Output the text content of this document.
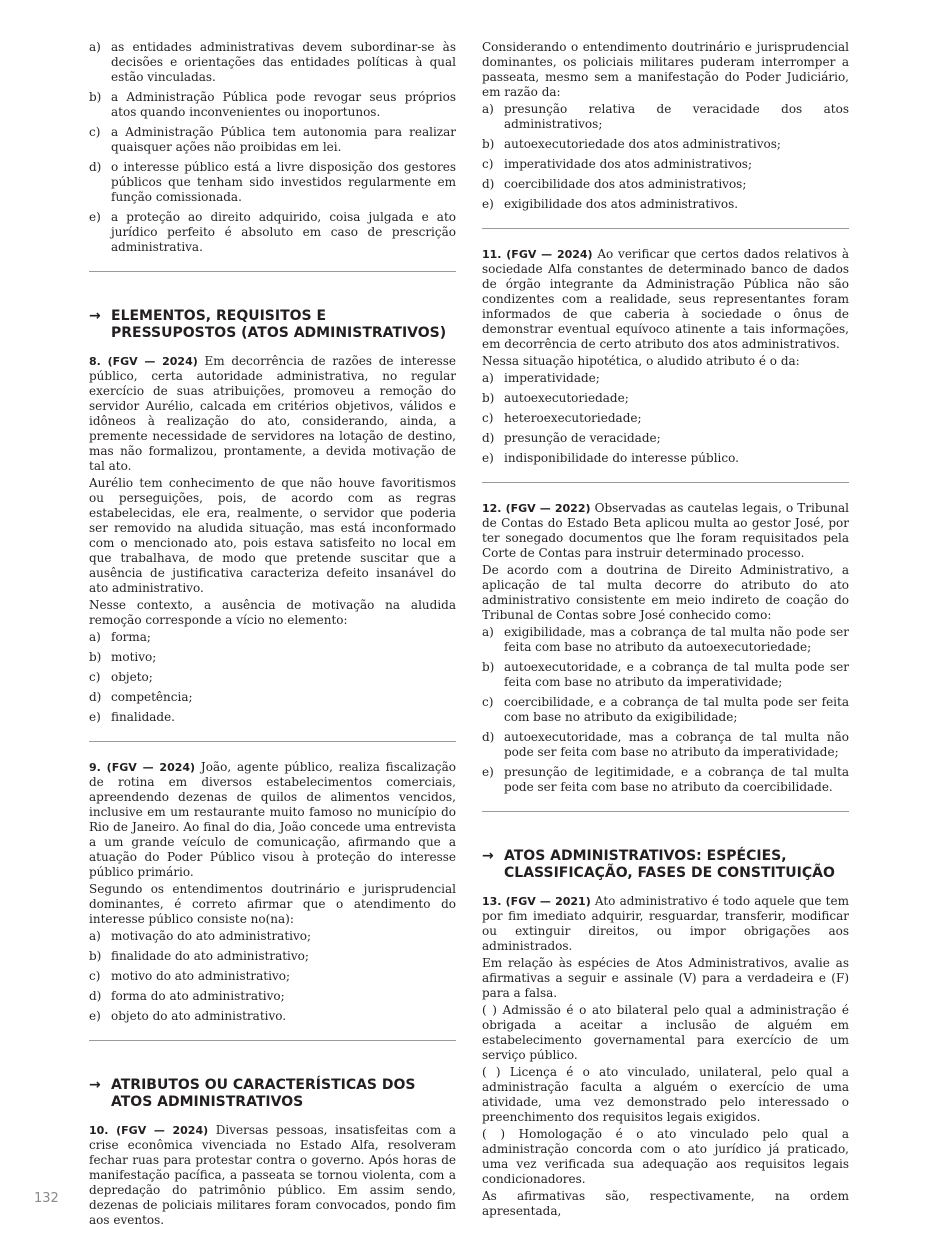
a) as entidades administrativas devem subordinar-se às decisões e orientações das entidades políticas à qual estão vinculadas.
b) a Administração Pública pode revogar seus próprios atos quando inconvenientes ou inoportunos.
c) a Administração Pública tem autonomia para realizar quaisquer ações não proibidas em lei.
d) o interesse público está a livre disposição dos gestores públicos que tenham sido investidos regularmente em função comissionada.
e) a proteção ao direito adquirido, coisa julgada e ato jurídico perfeito é absoluto em caso de prescrição administrativa.
→ ELEMENTOS, REQUISITOS E PRESSUPOSTOS (ATOS ADMINISTRATIVOS)

8. (FGV — 2024) Em decorrência de razões de interesse público, certa autoridade administrativa, no regular exercício de suas atribuições, promoveu a remoção do servidor Aurélio, calcada em critérios objetivos, válidos e idôneos à realização do ato, considerando, ainda, a premente necessidade de servidores na lotação de destino, mas não formalizou, prontamente, a devida motivação de tal ato.

Aurélio tem conhecimento de que não houve favoritismos ou perseguições, pois, de acordo com as regras estabelecidas, ele era, realmente, o servidor que poderia ser removido na aludida situação, mas está inconformado com o mencionado ato, pois estava satisfeito no local em que trabalhava, de modo que pretende suscitar que a ausência de justificativa caracteriza defeito insanável do ato administrativo.

Nesse contexto, a ausência de motivação na aludida remoção corresponde a vício no elemento:

a) forma;
b) motivo;
c) objeto;
d) competência;
e) finalidade.

9. (FGV — 2024) João, agente público, realiza fiscalização de rotina em diversos estabelecimentos comerciais, apreendendo dezenas de quilos de alimentos vencidos, inclusive em um restaurante muito famoso no município do Rio de Janeiro. Ao final do dia, João concede uma entrevista a um grande veículo de comunicação, afirmando que a atuação do Poder Público visou à proteção do interesse público primário.

Segundo os entendimentos doutrinário e jurisprudencial dominantes, é correto afirmar que o atendimento do interesse público consiste no(na):

a) motivação do ato administrativo;
b) finalidade do ato administrativo;
c) motivo do ato administrativo;
d) forma do ato administrativo;
e) objeto do ato administrativo.
→ ATRIBUTOS OU CARACTERÍSTICAS DOS ATOS ADMINISTRATIVOS

10. (FGV — 2024) Diversas pessoas, insatisfeitas com a crise econômica vivenciada no Estado Alfa, resolveram fechar ruas para protestar contra o governo. Após horas de manifestação pacífica, a passeata se tornou violenta, com a depredação do patrimônio público. Em assim sendo, dezenas de policiais militares foram convocados, pondo fim aos eventos.

Considerando o entendimento doutrinário e jurisprudencial dominantes, os policiais militares puderam interromper a passeata, mesmo sem a manifestação do Poder Judiciário, em razão da:

a) presunção relativa de veracidade dos atos administrativos;
b) autoexecutoriedade dos atos administrativos;
c) imperatividade dos atos administrativos;
d) coercibilidade dos atos administrativos;
e) exigibilidade dos atos administrativos.

11. (FGV — 2024) Ao verificar que certos dados relativos à sociedade Alfa constantes de determinado banco de dados de órgão integrante da Administração Pública não são condizentes com a realidade, seus representantes foram informados de que caberia à sociedade o ônus de demonstrar eventual equívoco atinente a tais informações, em decorrência de certo atributo dos atos administrativos.

Nessa situação hipotética, o aludido atributo é o da:

a) imperatividade;
b) autoexecutoriedade;
c) heteroexecutoriedade;
d) presunção de veracidade;
e) indisponibilidade do interesse público.

12. (FGV — 2022) Observadas as cautelas legais, o Tribunal de Contas do Estado Beta aplicou multa ao gestor José, por ter sonegado documentos que lhe foram requisitados pela Corte de Contas para instruir determinado processo.

De acordo com a doutrina de Direito Administrativo, a aplicação de tal multa decorre do atributo do ato administrativo consistente em meio indireto de coação do Tribunal de Contas sobre José conhecido como:

a) exigibilidade, mas a cobrança de tal multa não pode ser feita com base no atributo da autoexecutoriedade;
b) autoexecutoridade, e a cobrança de tal multa pode ser feita com base no atributo da imperatividade;
c) coercibilidade, e a cobrança de tal multa pode ser feita com base no atributo da exigibilidade;
d) autoexecutoridade, mas a cobrança de tal multa não pode ser feita com base no atributo da imperatividade;
e) presunção de legitimidade, e a cobrança de tal multa pode ser feita com base no atributo da coercibilidade.
→ ATOS ADMINISTRATIVOS: ESPÉCIES, CLASSIFICAÇÃO, FASES DE CONSTITUIÇÃO

13. (FGV — 2021) Ato administrativo é todo aquele que tem por fim imediato adquirir, resguardar, transferir, modificar ou extinguir direitos, ou impor obrigações aos administrados.

Em relação às espécies de Atos Administrativos, avalie as afirmativas a seguir e assinale (V) para a verdadeira e (F) para a falsa.

( ) Admissão é o ato bilateral pelo qual a administração é obrigada a aceitar a inclusão de alguém em estabelecimento governamental para exercício de um serviço público.

( ) Licença é o ato vinculado, unilateral, pelo qual a administração faculta a alguém o exercício de uma atividade, uma vez demonstrado pelo interessado o preenchimento dos requisitos legais exigidos.

( ) Homologação é o ato vinculado pelo qual a administração concorda com o ato jurídico já praticado, uma vez verificada sua adequação aos requisitos legais condicionadores.

As afirmativas são, respectivamente, na ordem apresentada,

132
